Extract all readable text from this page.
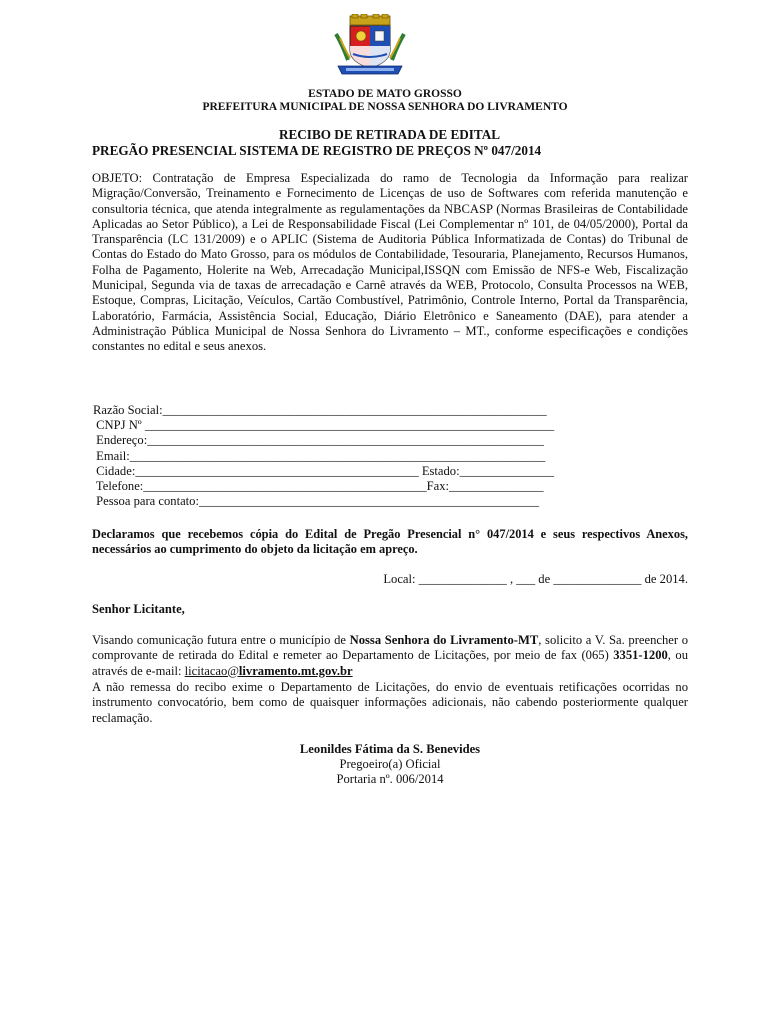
ESTADO DE MATO GROSSO
PREFEITURA MUNICIPAL DE NOSSA SENHORA DO LIVRAMENTO
RECIBO DE RETIRADA DE EDITAL
PREGÃO PRESENCIAL SISTEMA DE REGISTRO DE PREÇOS Nº 047/2014
OBJETO: Contratação de Empresa Especializada do ramo de Tecnologia da Informação para realizar Migração/Conversão, Treinamento e Fornecimento de Licenças de uso de Softwares com referida manutenção e consultoria técnica, que atenda integralmente as regulamentações da NBCASP (Normas Brasileiras de Contabilidade Aplicadas ao Setor Público), a Lei de Responsabilidade Fiscal (Lei Complementar nº 101, de 04/05/2000), Portal da Transparência (LC 131/2009) e o APLIC (Sistema de Auditoria Pública Informatizada de Contas) do Tribunal de Contas do Estado do Mato Grosso, para os módulos de Contabilidade, Tesouraria, Planejamento, Recursos Humanos, Folha de Pagamento, Holerite na Web, Arrecadação Municipal,ISSQN com Emissão de NFS-e Web, Fiscalização Municipal, Segunda via de taxas de arrecadação e Carnê através da WEB, Protocolo, Consulta Processos na WEB, Estoque, Compras, Licitação, Veículos, Cartão Combustível, Patrimônio, Controle Interno, Portal da Transparência, Laboratório, Farmácia, Assistência Social, Educação, Diário Eletrônico e Saneamento (DAE), para atender a Administração Pública Municipal de Nossa Senhora do Livramento – MT., conforme especificações e condições constantes no edital e seus anexos.
Razão Social:_____________________________________________________________
CNPJ Nº _________________________________________________________________
Endereço:_______________________________________________________________
Email:__________________________________________________________________
Cidade:_____________________________________________ Estado:_______________
Telefone:_____________________________________________Fax:_______________
Pessoa para contato:______________________________________________________
Declaramos que recebemos cópia do Edital de Pregão Presencial n° 047/2014 e seus respectivos Anexos, necessários ao cumprimento do objeto da licitação em apreço.
Local: ______________ , ___ de ______________ de 2014.
Senhor Licitante,
Visando comunicação futura entre o município de Nossa Senhora do Livramento-MT, solicito a V. Sa. preencher o comprovante de retirada do Edital e remeter ao Departamento de Licitações, por meio de fax (065) 3351-1200, ou através de e-mail: licitacao@livramento.mt.gov.br
A não remessa do recibo exime o Departamento de Licitações, do envio de eventuais retificações ocorridas no instrumento convocatório, bem como de quaisquer informações adicionais, não cabendo posteriormente qualquer reclamação.
Leonildes Fátima da S. Benevides
Pregoeiro(a) Oficial
Portaria nº. 006/2014
